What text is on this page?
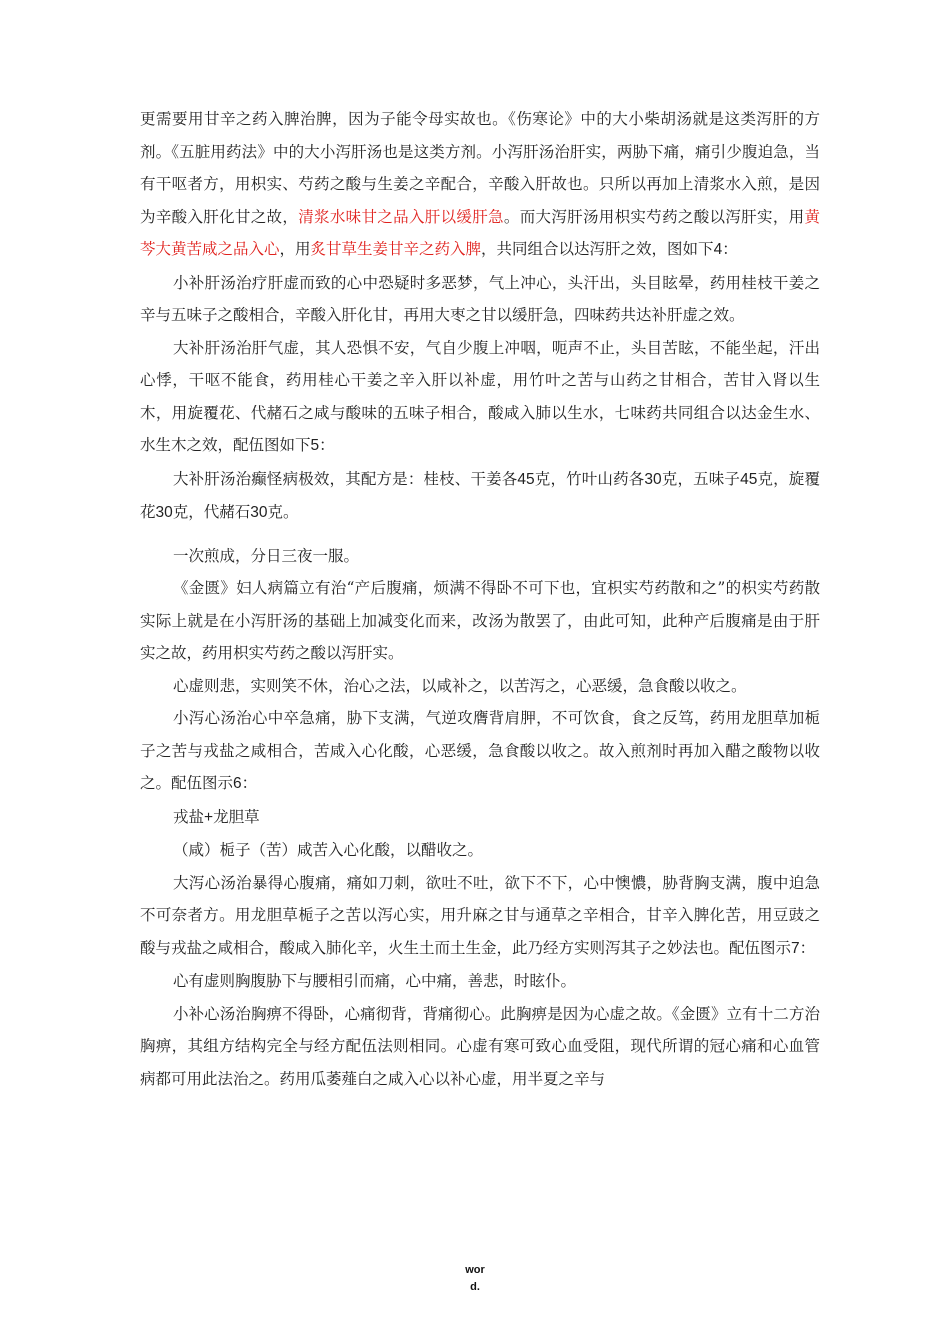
更需要用甘辛之药入脾治脾，因为子能令母实故也。《伤寒论》中的大小柴胡汤就是这类泻肝的方剂。《五脏用药法》中的大小泻肝汤也是这类方剂。小泻肝汤治肝实，两胁下痛，痛引少腹迫急，当有干呕者方，用枳实、芍药之酸与生姜之辛配合，辛酸入肝故也。只所以再加上清浆水入煎，是因为辛酸入肝化甘之故，清浆水味甘之品入肝以缓肝急。而大泻肝汤用枳实芍药之酸以泻肝实，用黄芩大黄苦咸之品入心，用炙甘草生姜甘辛之药入脾，共同组合以达泻肝之效，图如下4：

小补肝汤治疗肝虚而致的心中恐疑时多恶梦，气上冲心，头汗出，头目眩晕，药用桂枝干姜之辛与五味子之酸相合，辛酸入肝化甘，再用大枣之甘以缓肝急，四味药共达补肝虚之效。

大补肝汤治肝气虚，其人恐惧不安，气自少腹上冲咽，呃声不止，头目苦眩，不能坐起，汗出心悸，干呕不能食，药用桂心干姜之辛入肝以补虚，用竹叶之苦与山药之甘相合，苦甘入肾以生木，用旋覆花、代赭石之咸与酸味的五味子相合，酸咸入肺以生水，七味药共同组合以达金生水、水生木之效，配伍图如下5：

大补肝汤治癫怪病极效，其配方是：桂枝、干姜各45克，竹叶山药各30克，五味子45克，旋覆花30克，代赭石30克。

一次煎成，分日三夜一服。

《金匮》妇人病篇立有治“产后腹痛，烦满不得卧不可下也，宜枳实芍药散和之”的枳实芍药散实际上就是在小泻肝汤的基础上加减变化而来，改汤为散罢了，由此可知，此种产后腹痛是由于肝实之故，药用枳实芍药之酸以泻肝实。

心虚则悲，实则笑不休，治心之法，以咸补之，以苦泻之，心恶缓，急食酸以收之。

小泻心汤治心中卒急痛，胁下支满，气逆攻膺背肩胛，不可饮食，食之反笃，药用龙胆草加栀子之苦与戎盐之咸相合，苦咸入心化酸，心恶缓，急食酸以收之。故入煎剂时再加入醋之酸物以收之。配伍图示6：

戎盐+龙胆草

（咸）栀子（苦）咸苦入心化酸，以醋收之。

大泻心汤治暴得心腹痛，痛如刀刺，欲吐不吐，欲下不下，心中懊憹，胁背胸支满，腹中迫急不可奈者方。用龙胆草栀子之苦以泻心实，用升麻之甘与通草之辛相合，甘辛入脾化苦，用豆豉之酸与戎盐之咸相合，酸咸入肺化辛，火生土而土生金，此乃经方实则泻其子之妙法也。配伍图示7：

心有虚则胸腹胁下与腰相引而痛，心中痛，善悲，时眩仆。

小补心汤治胸痹不得卧，心痛彻背，背痛彻心。此胸痹是因为心虚之故。《金匮》立有十二方治胸痹，其组方结构完全与经方配伍法则相同。心虚有寒可致心血受阻，现代所谓的冠心痛和心血管病都可用此法治之。药用瓜萎薤白之咸入心以补心虚，用半夏之辛与

wor
d.
